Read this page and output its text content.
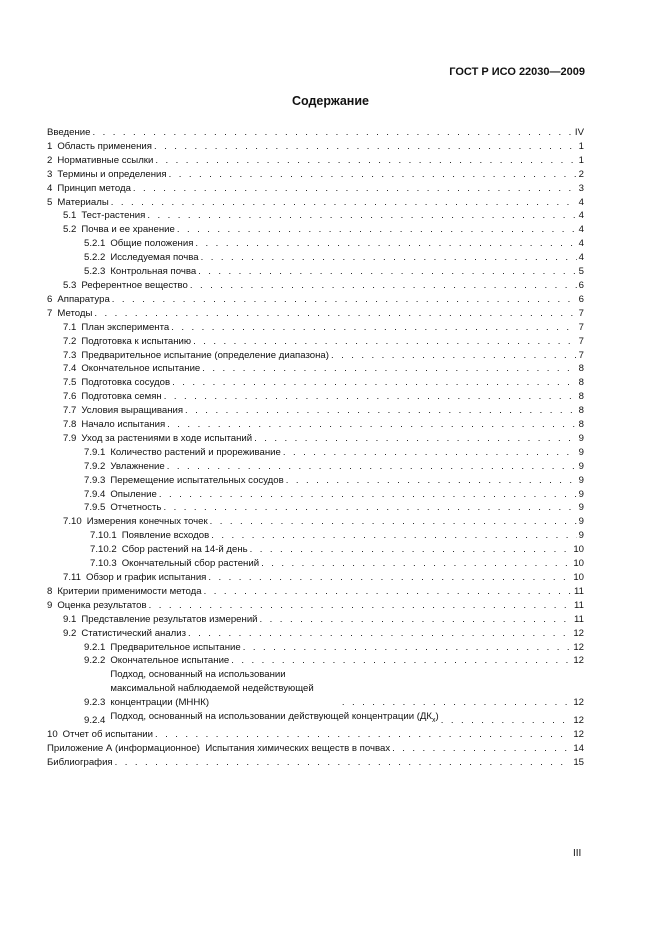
ГОСТ Р ИСО 22030—2009
Содержание
Введение . . .	IV
1 Область применения . . .	1
2 Нормативные ссылки . . .	1
3 Термины и определения . . .	2
4 Принцип метода . . .	3
5 Материалы . . .	4
5.1 Тест-растения . . .	4
5.2 Почва и ее хранение . . .	4
5.2.1 Общие положения . . .	4
5.2.2 Исследуемая почва . . .	4
5.2.3 Контрольная почва . . .	5
5.3 Референтное вещество . . .	6
6 Аппаратура . . .	6
7 Методы . . .	7
7.1 План эксперимента . . .	7
7.2 Подготовка к испытанию . . .	7
7.3 Предварительное испытание (определение диапазона) . . .	7
7.4 Окончательное испытание . . .	8
7.5 Подготовка сосудов . . .	8
7.6 Подготовка семян . . .	8
7.7 Условия выращивания . . .	8
7.8 Начало испытания . . .	8
7.9 Уход за растениями в ходе испытаний . . .	9
7.9.1 Количество растений и прореживание . . .	9
7.9.2 Увлажнение . . .	9
7.9.3 Перемещение испытательных сосудов . . .	9
7.9.4 Опыление . . .	9
7.9.5 Отчетность . . .	9
7.10 Измерения конечных точек . . .	9
7.10.1 Появление всходов . . .	9
7.10.2 Сбор растений на 14-й день . . .	10
7.10.3 Окончательный сбор растений . . .	10
7.11 Обзор и график испытания . . .	10
8 Критерии применимости метода . . .	11
9 Оценка результатов . . .	11
9.1 Представление результатов измерений . . .	11
9.2 Статистический анализ . . .	12
9.2.1 Предварительное испытание . . .	12
9.2.2 Окончательное испытание . . .	12
9.2.3
Подход, основанный на использовании максимальной наблюдаемой недействующей концентрации (МННК) . . .	12
9.2.4 Подход, основанный на использовании действующей концентрации $(ДК_x)$ . . .	12
10 Отчет об испытании . . .	12
Приложение А (информационное)  Испытания химических веществ в почвах . . .	14
Библиография . . .	15
III
